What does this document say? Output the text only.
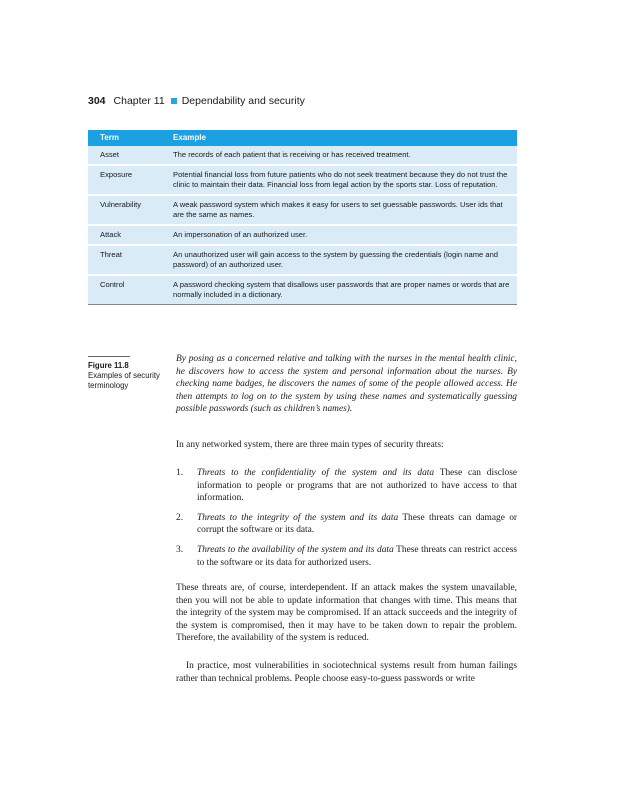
304 Chapter 11 Dependability and security
Term	Example
Asset	The records of each patient that is receiving or has received treatment.
Exposure	Potential financial loss from future patients who do not seek treatment because they do not trust the clinic to maintain their data. Financial loss from legal action by the sports star. Loss of reputation.
Vulnerability	A weak password system which makes it easy for users to set guessable passwords. User ids that are the same as names.
Attack	An impersonation of an authorized user.
Threat	An unauthorized user will gain access to the system by guessing the credentials (login name and password) of an authorized user.
Control	A password checking system that disallows user passwords that are proper names or words that are normally included in a dictionary.
Figure 11.8
Examples of security terminology
By posing as a concerned relative and talking with the nurses in the mental health clinic, he discovers how to access the system and personal information about the nurses. By checking name badges, he discovers the names of some of the people allowed access. He then attempts to log on to the system by using these names and systematically guessing possible passwords (such as children’s names).
In any networked system, there are three main types of security threats:
1. Threats to the confidentiality of the system and its data These can disclose information to people or programs that are not authorized to have access to that information.
2. Threats to the integrity of the system and its data These threats can damage or corrupt the software or its data.
3. Threats to the availability of the system and its data These threats can restrict access to the software or its data for authorized users.
These threats are, of course, interdependent. If an attack makes the system unavailable, then you will not be able to update information that changes with time. This means that the integrity of the system may be compromised. If an attack succeeds and the integrity of the system is compromised, then it may have to be taken down to repair the problem. Therefore, the availability of the system is reduced.
In practice, most vulnerabilities in sociotechnical systems result from human failings rather than technical problems. People choose easy-to-guess passwords or write
